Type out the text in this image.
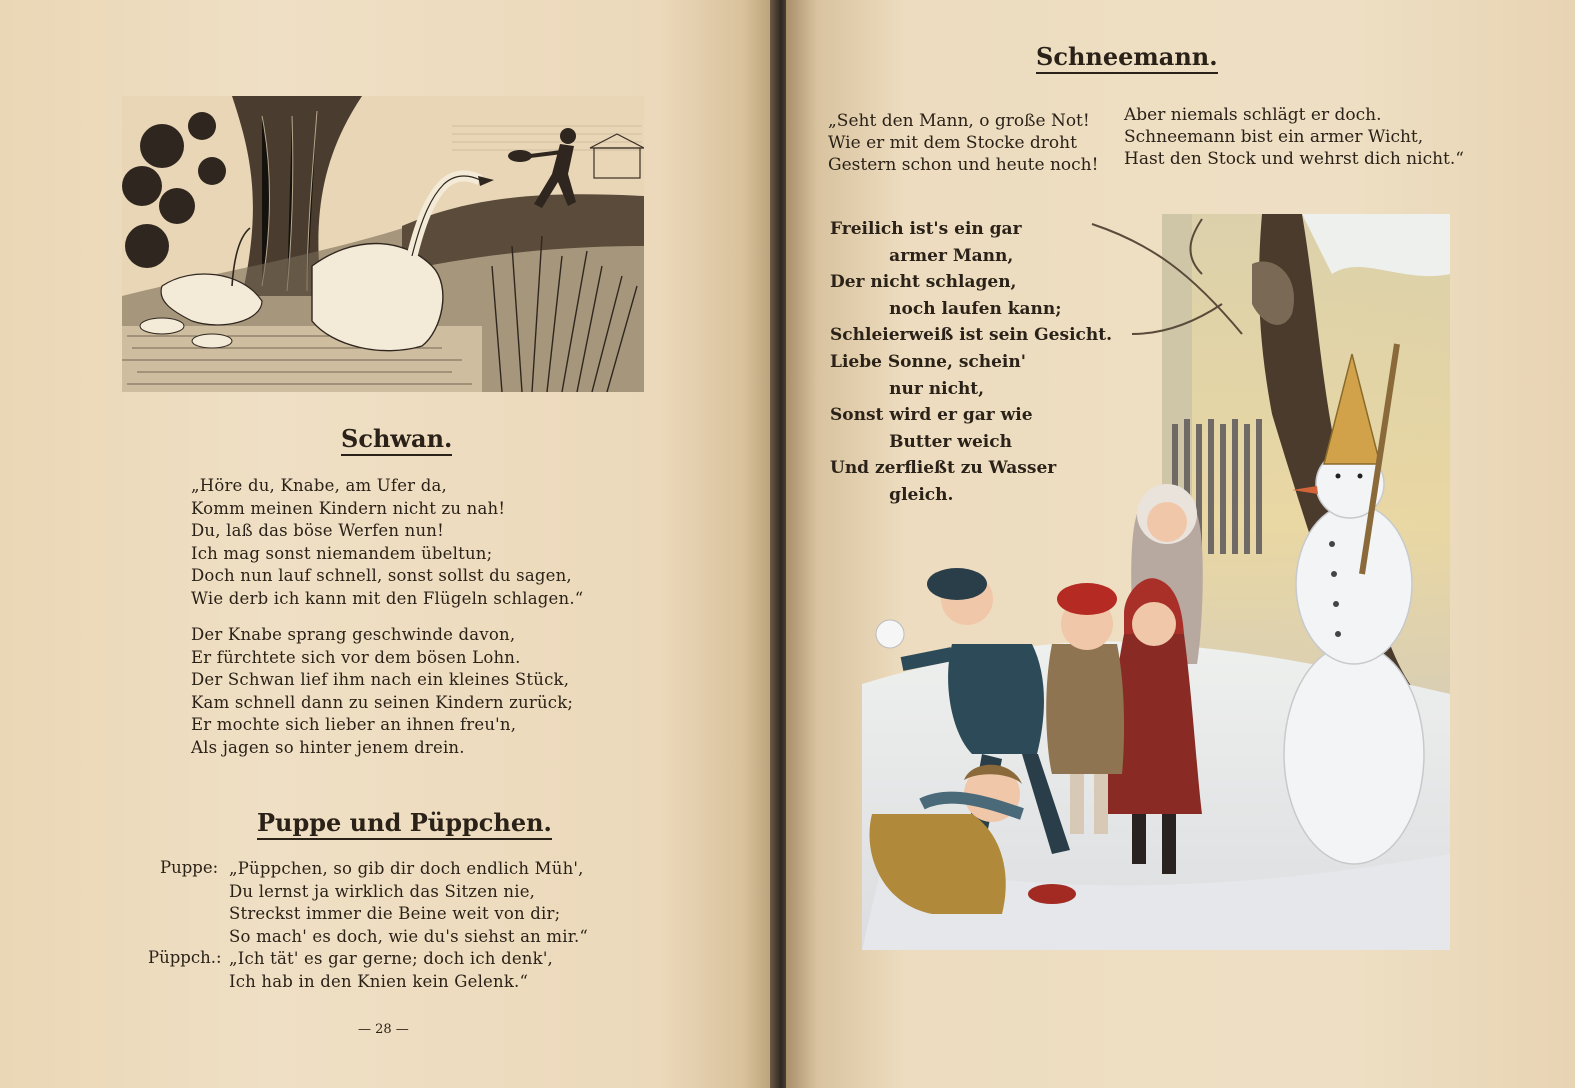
Schwan.
„Höre du, Knabe, am Ufer da,
Komm meinen Kindern nicht zu nah!
Du, laß das böse Werfen nun!
Ich mag sonst niemandem übeltun;
Doch nun lauf schnell, sonst sollst du sagen,
Wie derb ich kann mit den Flügeln schlagen.“
Der Knabe sprang geschwinde davon,
Er fürchtete sich vor dem bösen Lohn.
Der Schwan lief ihm nach ein kleines Stück,
Kam schnell dann zu seinen Kindern zurück;
Er mochte sich lieber an ihnen freu'n,
Als jagen so hinter jenem drein.
Puppe und Püppchen.
Puppe: „Püppchen, so gib dir doch endlich Müh',
Du lernst ja wirklich das Sitzen nie,
Streckst immer die Beine weit von dir;
So mach' es doch, wie du's siehst an mir.“
Püppch.: „Ich tät' es gar gerne; doch ich denk',
Ich hab in den Knien kein Gelenk.“
— 28 —
Schneemann.
„Seht den Mann, o große Not!
Wie er mit dem Stocke droht
Gestern schon und heute noch!
Aber niemals schlägt er doch.
Schneemann bist ein armer Wicht,
Hast den Stock und wehrst dich nicht.“
Freilich ist's ein gar
armer Mann,
Der nicht schlagen,
noch laufen kann;
Schleierweiß ist sein Gesicht.
Liebe Sonne, schein'
nur nicht,
Sonst wird er gar wie
Butter weich
Und zerfließt zu Wasser
gleich.
